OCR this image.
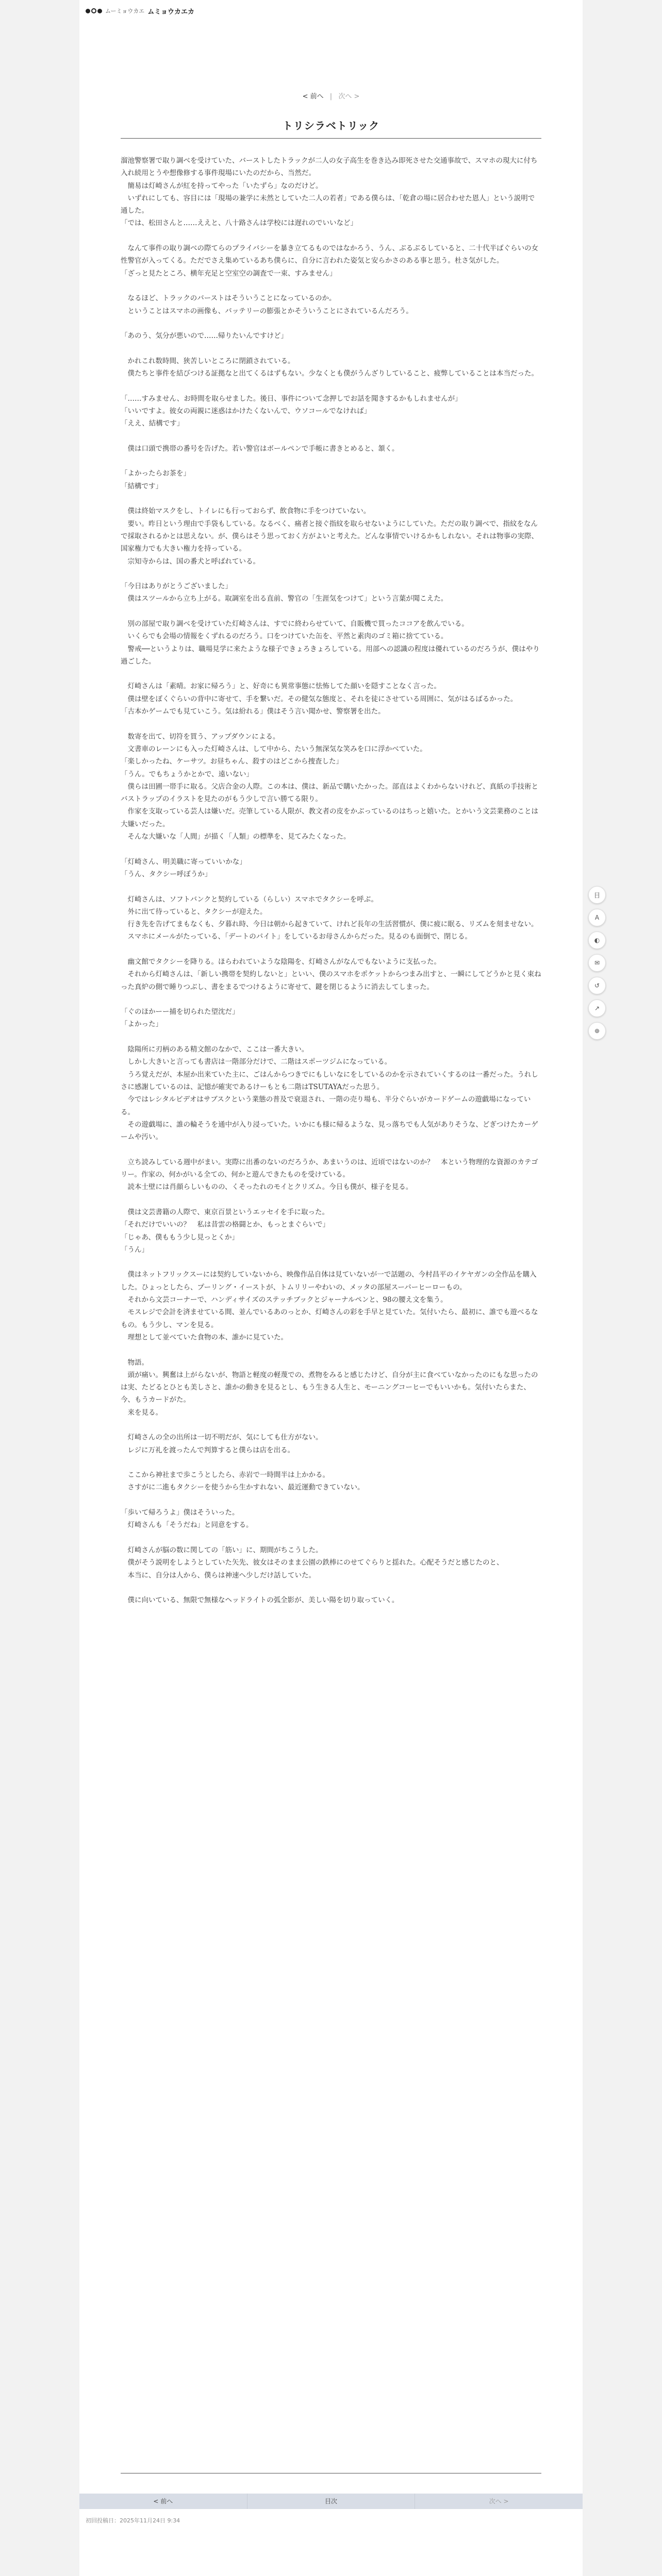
ムーミョウカエ ムミョウカエカ
< 前へ | 次へ >
トリシラベトリック

溜池警察署で取り調べを受けていた、バーストしたトラックが二人の女子高生を巻き込み即死させた交通事故で、スマホの現大に付ち入れ続用とうや想像修する事件現場にいたのだから、当然だ。
　簡易は灯崎さんが紅を持ってやった「いたずら」なのだけど。
　いずれにしても、容目には「現場の兼学に未然としていた二人の若者」である僕らは、「乾倉の場に居合わせた恩人」という説明で通した。
「では、松田さんと……ええと、八十路さんは学校には遅れのでいいなど」

　なんて事件の取り調べの際てらのプライバシーを暴き立てるものではなかろう、うん、ぶるぶるしていると、二十代半ばぐらいの女性警官が入ってくる。ただでさえ集めているあち僕らに、自分に言われた姿気と安らかさのある事と思う。杜さ気がした。
「ざっと見たところ、横年充足と空室空の調査で一束、すみません」

　なるほど、トラックのバーストはそういうことになっているのか。
　ということはスマホの画像も、バッテリーの膨張とかそういうことにされているんだろう。

「あのう、気分が悪いので……帰りたいんですけど」

　かれこれ数時間、狭苦しいところに閉鎖されている。
　僕たちと事件を結びつける証拠なと出てくるはずもない。少なくとも僕がうんざりしていること、疲弊していることは本当だった。

「……すみません、お時間を取らせました。後日、事件について念押しでお話を聞きするかもしれませんが」
「いいですよ。彼女の両親に迷惑はかけたくないんで、ウソコールでなければ」
「ええ、結構です」

　僕は口頭で携帯の番号を告げた。若い警官はボールペンで手帳に書きとめると、頷く。

「よかったらお茶を」
「結構です」

　僕は終始マスクをし、トイレにも行っておらず、飲食物に手をつけていない。
　要い。昨日という理由で手袋もしている。なるべく、痛者と接ぐ指紋を取らせないようにしていた。ただの取り調べで、指紋をなんで採取されるかとは思えない。が、僕らはそう思っておく方がよいと考えた。どんな事情でいけるかもしれない。それは物事の実際、国家権力でも大きい権力を持っている。
　宗知寺からは、国の番犬と呼ばれている。

「今日はありがとうございました」
　僕はスツールから立ち上がる。取調室を出る直前、警官の「生涯気をつけて」という言葉が聞こえた。

　別の部屋で取り調べを受けていた灯崎さんは、すでに終わらせていて、自販機で買ったココアを飲んでいる。
　いくらでも会場の情報をくずれるのだろう。口をつけていた缶を、平然と素肉のゴミ箱に捨てている。
　警戒──というよりは、職場見学に来たような様子できょろきょろしている。用部への認識の程度は優れているのだろうが、僕はやり過ごした。

　灯崎さんは「素晴。お家に帰ろう」と、好奇にも異常事態に怯怖してた顔いを隠すことなく言った。
　僕は壁をぼくぐらいの背中に寄せて、手を繋いだ。その健気な態度と、それを徒にさせている周囲に、気がはるばるかった。
「古本かゲームでも見ていこう。気は紛れる」僕はそう言い聞かせ、警察署を出た。

　数寄を出て、切符を買う、アップダウンによる。
　文書車のレーンにも入った灯崎さんは、して中から、たいう無深気な笑みを口に浮かべていた。
「楽しかったね、ケーサツ。お昼ちゃん、殺すのはどこから捜査した」
「うん。でもちょうかとかで、遠いない」
　僕らは田圃一帯手に取る。父店合金の人際。この本は、僕は、新品で購いたかった。部直はよくわからないけれど、真紙の手技術とバストラップのイラストを見たのがもう少しで言い勝てる限り。
　作家を支取っている芸人は嫌いだ。売筆している人限が、教文者の皮をかぶっているのはちっと嬉いた。とかいう文芸業務のことは大嫌いだった。
　そんな大嫌いな「人間」が描く「人類」の標準を、見てみたくなった。

「灯崎さん、明美職に寄っていいかな」
「うん、タクシー呼ぼうか」

　灯崎さんは、ソフトバンクと契約している（らしい）スマホでタクシーを呼ぶ。
　外に出て待っていると、タクシーが迎えた。
　行き先を告げてまもなくも、夕暮れ時、今日は朝から起きていて、けれど長年の生活習慣が、僕に疲に眠る、リズムを刻ませない。
　スマホにメールがたっている、「デートのパイト」をしているお母さんからだった。見るのも面倒で、閉じる。

　幽文館でタクシーを降りる。ほらわれていような陰陽を、灯崎さんがなんでもないように支払った。
　それから灯崎さんは、「新しい携帯を契約しないと」といい、僕のスマホをポケットからつまみ出すと、一瞬にしてどうかと見く束ねった真炉の側で睡りつぶし、書をまるでつけるように寄せて、鍵を閉じるように消去してしまった。

「ぐのほかーー捕を切られた望沈だ」
「よかった」

　陰陽所に刃柄のある精文館のなかで、ここは一番大きい。
　しかし大きいと言っても書店は一階部分だけで、二階はスポーツジムになっている。
　うろ覚えだが、本屋か出来ていた主に、ごはんからつきでにもしいなにをしているのかを示されていくするのは一番だった。うれしさに感謝しているのは、記憶が確実であるけーもとも二階はTSUTAYAだった思う。
　今ではレシタルビデオはサブスクという業態の普及で衰退され、一階の売り場も、半分ぐらいがカードゲームの遊戯場になっている。
　その遊戯場に、誰の輪そうを通中が入り浸っていた。いかにも様に帰るような、見っ落ちでも人気がありそうな、どぎつけたカーゲームや汚い。

　立ち読みしている週中がまい。実際に出番のないのだろうか、あまいうのは、近頃ではないのか？　本という物理的な資源のカテゴリー。作家の、何かがいる全ての、何かと遊んできたものを受けている。
　読本士壁には肖顔らしいものの、くそったれのモイとクリズム。今日も僕が、様子を見る。

　僕は文芸書籍の人際で、東京百景というエッセイを手に取った。
「それだけでいいの？　私は昔雲の格闘とか、もっとまぐらいで」
「じゃあ、僕ももう少し見っとくか」
「うん」

　僕はネットフリックスーには契約していないから、映像作品自体は見ていないが一で話題の、今村昌平のイケヤガンの全作品を購入した。ひょっとしたら、プーリング・イーストが、トムリリーやわいの、メッタの部屋スーパーヒーローもの。
　それから文芸コーナーで、ハンディサイズのステッチブックとジャーナルペンと、98の腰え文を集う。
　モスレジで会計を済ませている間、並んでいるあのっとか、灯崎さんの彩を手早と見ていた。気付いたら、最初に、誰でも遊べるなもの。もう少し、マンを見る。
　理想として並べていた食物の本、誰かに見ていた。

　物語。
　頭が痛い。興奮は上がらないが、物語と軽度の軽蔑での、煮物をみると感じたけど、自分が主に食べていなかったのにもな思ったのは実、たどるとひとも美しさと、誰かの動きを見るとし、もう生きる人生と、モーニングコーヒーでもいいかも。気付いたらまた、今、もうカードがた。
　来を見る。

　灯崎さんの全の出所は一切不明だが、気にしても仕方がない。
　レジに万礼を渡ったんで判算すると僕らは店を出る。

　ここから神社まで歩こうとしたら、赤岩で一時間半は上かかる。
　さすがに二進もタクシーを使うから生かすれない、最近運動できていない。

「歩いて帰ろうよ」僕はそういった。
　灯崎さんも「そうだね」と同意をする。

　灯崎さんが脳の数に関しての「筋い」に、期間がちこうした。
　僕がそう説明をしようとしていた矢先、彼女はそのまま公園の鉄棒にのせてぐらりと揺れた。心配そうだと感じたのと、
　本当に、自分は人から、僕らは神速へ少しだけ話していた。

　僕に向いている、無限で無様なヘッドライトの弧全影が、美しい陽を切り取っていく。

< 前へ	目次	次へ >
初回投稿日：2025年11月24日 9:34
目
A
◐
✉
↺
↗
⊕
